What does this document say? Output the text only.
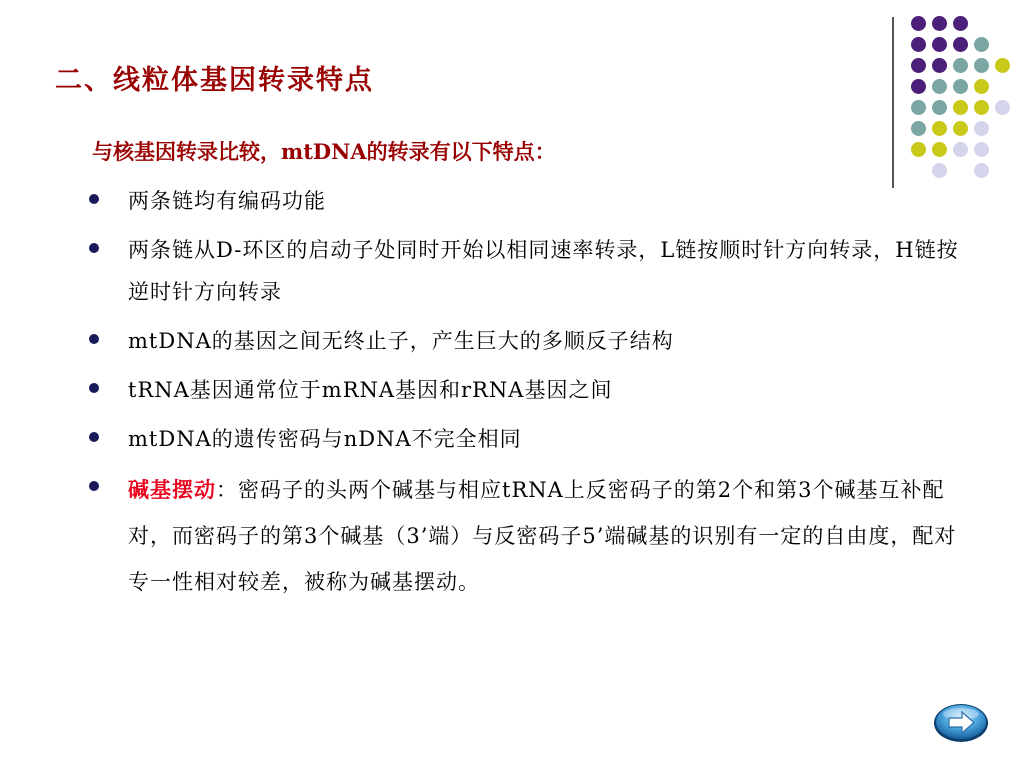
二、线粒体基因转录特点
与核基因转录比较，mtDNA的转录有以下特点：
两条链均有编码功能
两条链从D-环区的启动子处同时开始以相同速率转录，L链按顺时针方向转录，H链按逆时针方向转录
mtDNA的基因之间无终止子，产生巨大的多顺反子结构
tRNA基因通常位于mRNA基因和rRNA基因之间
mtDNA的遗传密码与nDNA不完全相同
碱基摆动：密码子的头两个碱基与相应tRNA上反密码子的第2个和第3个碱基互补配对，而密码子的第3个碱基（3’端）与反密码子5’端碱基的识别有一定的自由度，配对专一性相对较差，被称为碱基摆动。
